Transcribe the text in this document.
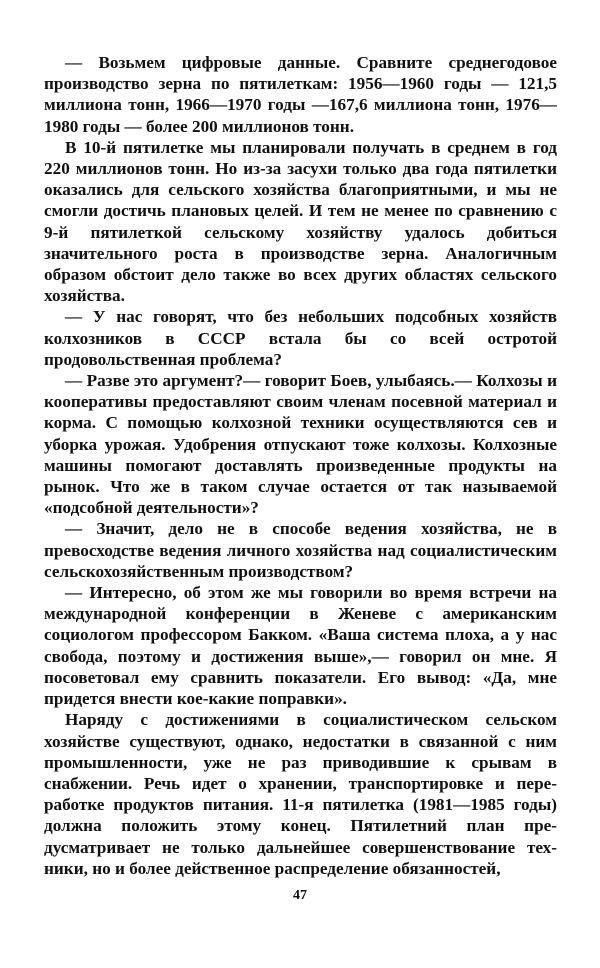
— Возьмем цифровые данные. Сравните среднегодовое производство зерна по пятилеткам: 1956—1960 годы — 121,5 миллиона тонн, 1966—1970 годы —167,6 миллиона тонн, 1976—1980 годы — более 200 миллионов тонн.

В 10-й пятилетке мы планировали получать в среднем в год 220 миллионов тонн. Но из-за засухи только два года пятилетки оказались для сельского хозяйства благоприятными, и мы не смогли достичь плановых целей. И тем не менее по сравнению с 9-й пятилеткой сельскому хозяйству удалось добиться значительного роста в производстве зерна. Аналогичным образом обстоит дело также во всех других областях сельского хозяйства.

— У нас говорят, что без небольших подсобных хозяйств колхозников в СССР встала бы со всей остротой продовольственная проблема?

— Разве это аргумент?— говорит Боев, улыбаясь.— Колхозы и кооперативы предоставляют своим членам посевной материал и корма. С помощью колхозной техники осуществляются сев и уборка урожая. Удобрения отпускают тоже колхозы. Колхозные машины помогают доставлять произведенные продукты на рынок. Что же в таком случае остается от так называемой «подсобной деятельности»?

— Значит, дело не в способе ведения хозяйства, не в превосходстве ведения личного хозяйства над социалистическим сельскохозяйственным производством?

— Интересно, об этом же мы говорили во время встречи на международной конференции в Женеве с американским социологом профессором Бакком. «Ваша система плоха, а у нас свобода, поэтому и достижения выше»,— говорил он мне. Я посоветовал ему сравнить показатели. Его вывод: «Да, мне придется внести кое-какие поправки».

Наряду с достижениями в социалистическом сельском хозяйстве существуют, однако, недостатки в связанной с ним промышленности, уже не раз приводившие к срывам в снабжении. Речь идет о хранении, транспортировке и переработке продуктов питания. 11-я пятилетка (1981—1985 годы) должна положить этому конец. Пятилетний план предусматривает не только дальнейшее совершенствование техники, но и более действенное распределение обязанностей,

47
